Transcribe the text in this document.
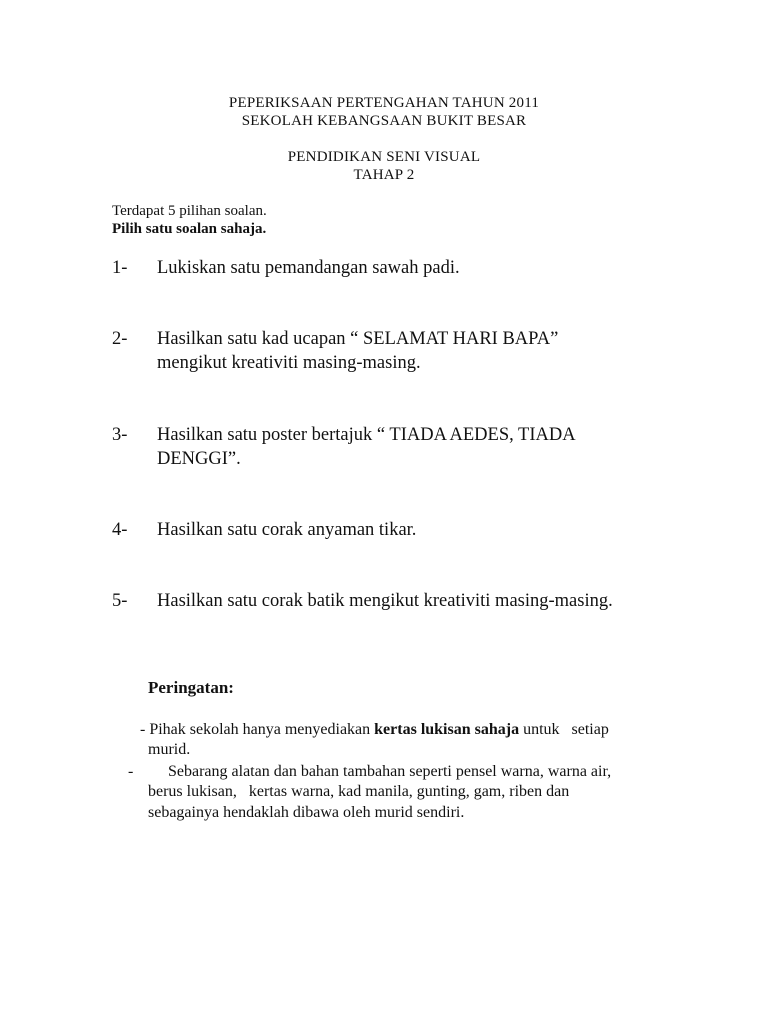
PEPERIKSAAN PERTENGAHAN TAHUN 2011
SEKOLAH KEBANGSAAN BUKIT BESAR
PENDIDIKAN SENI VISUAL
TAHAP 2
Terdapat 5 pilihan soalan.
Pilih satu soalan sahaja.
1- Lukiskan satu pemandangan sawah padi.
2- Hasilkan satu kad ucapan “ SELAMAT HARI BAPA”
mengikut kreativiti masing-masing.
3- Hasilkan satu poster bertajuk “ TIADA AEDES, TIADA
DENGGI”.
4- Hasilkan satu corak anyaman tikar.
5- Hasilkan satu corak batik mengikut kreativiti masing-masing.
Peringatan:
- Pihak sekolah hanya menyediakan kertas lukisan sahaja untuk   setiap
murid.
- Sebarang alatan dan bahan tambahan seperti pensel warna, warna air,
berus lukisan,   kertas warna, kad manila, gunting, gam, riben dan
sebagainya hendaklah dibawa oleh murid sendiri.
